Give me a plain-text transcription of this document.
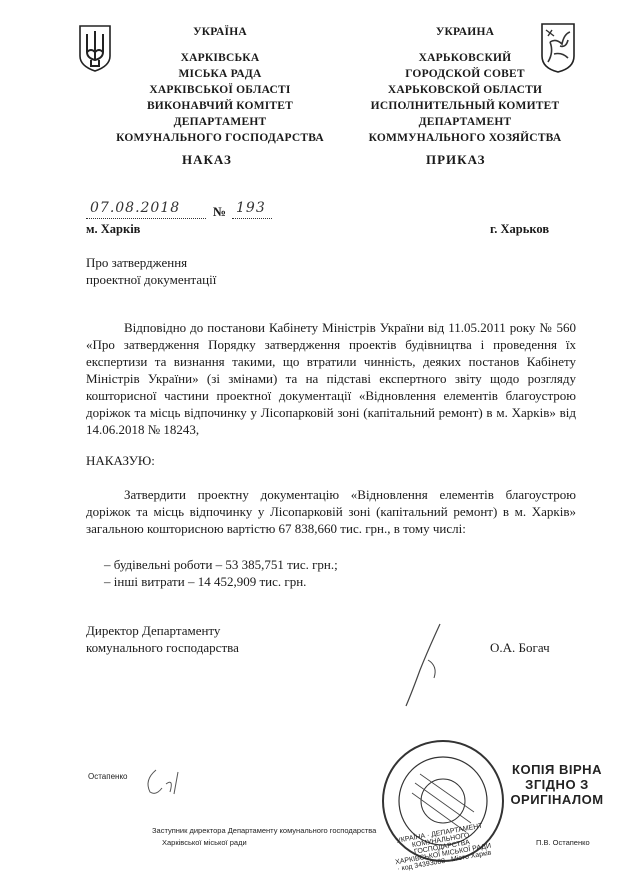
УКРАЇНА
ХАРКІВСЬКА
МІСЬКА РАДА
ХАРКІВСЬКОЇ ОБЛАСТІ
ВИКОНАВЧИЙ КОМІТЕТ
ДЕПАРТАМЕНТ
КОМУНАЛЬНОГО ГОСПОДАРСТВА
УКРАИНА
ХАРЬКОВСКИЙ
ГОРОДСКОЙ СОВЕТ
ХАРЬКОВСКОЙ ОБЛАСТИ
ИСПОЛНИТЕЛЬНЫЙ КОМИТЕТ
ДЕПАРТАМЕНТ
КОММУНАЛЬНОГО ХОЗЯЙСТВА
НАКАЗ	ПРИКАЗ
07.08.2018	№ 193
м. Харків	г. Харьков
Про затвердження
проектної документації
Відповідно до постанови Кабінету Міністрів України від 11.05.2011 року № 560 «Про затвердження Порядку затвердження проектів будівництва і проведення їх експертизи та визнання такими, що втратили чинність, деяких постанов Кабінету Міністрів України» (зі змінами) та на підставі експертного звіту щодо розгляду кошторисної частини проектної документації «Відновлення елементів благоустрою доріжок та місць відпочинку у Лісопарковій зоні (капітальний ремонт) в м. Харків» від 14.06.2018 № 18243,
НАКАЗУЮ:
Затвердити проектну документацію «Відновлення елементів благоустрою доріжок та місць відпочинку у Лісопарковій зоні (капітальний ремонт) в м. Харків» загальною кошторисною вартістю 67 838,660 тис. грн., в тому числі:
– будівельні роботи – 53 385,751 тис. грн.;
– інші витрати – 14 452,909 тис. грн.
Директор Департаменту
комунального господарства	О.А. Богач
УКРАЇНА · ДЕПАРТАМЕНТ КОМУНАЛЬНОГО ГОСПОДАРСТВА ХАРКІВСЬКОЇ МІСЬКОЇ РАДИ · код 34393088 · Місто Харків
КОПІЯ ВІРНА
ЗГІДНО З
ОРИГІНАЛОМ
Остапенко
Заступник директора Департаменту комунального господарства
Харківської міської ради	П.В. Остапенко
